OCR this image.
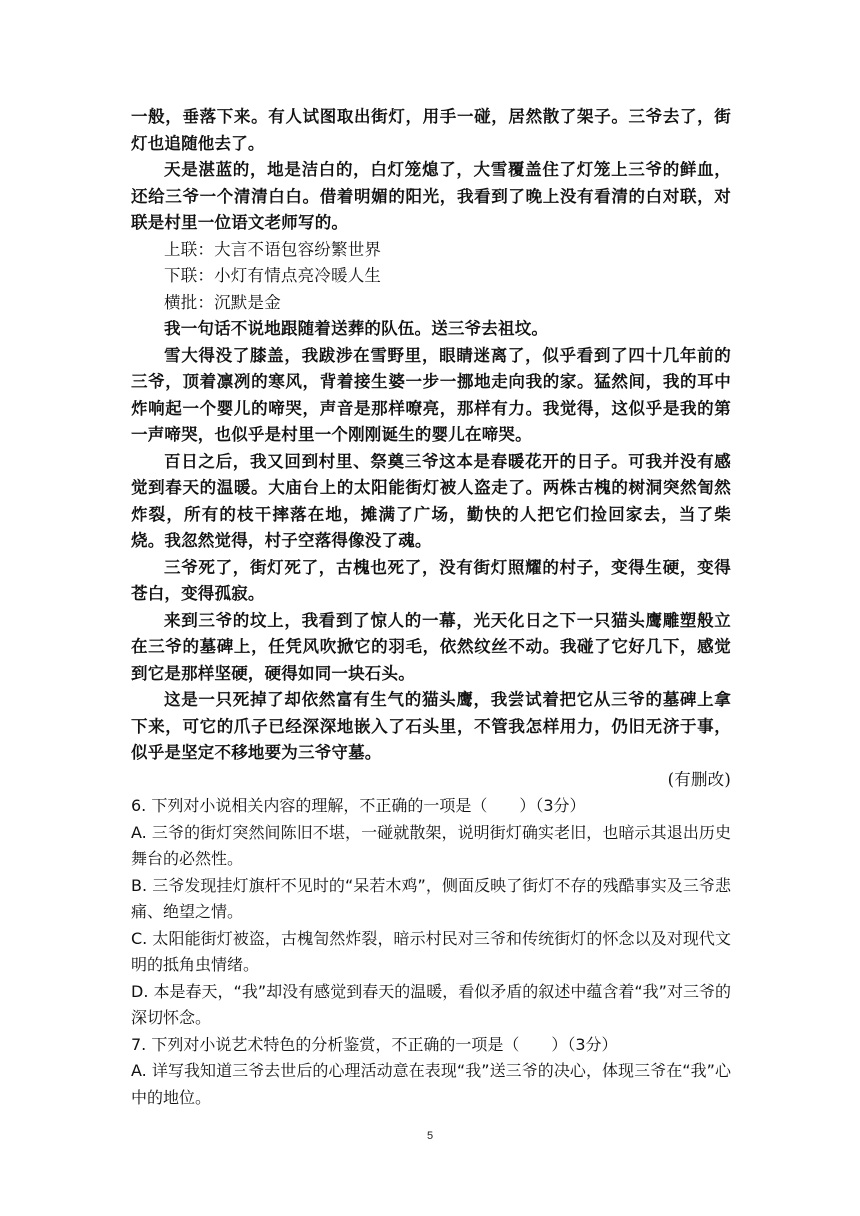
一般，垂落下来。有人试图取出街灯，用手一碰，居然散了架子。三爷去了，街灯也追随他去了。

天是湛蓝的，地是洁白的，白灯笼熄了，大雪覆盖住了灯笼上三爷的鲜血，还给三爷一个清清白白。借着明媚的阳光，我看到了晚上没有看清的白对联，对联是村里一位语文老师写的。

上联：大言不语包容纷繁世界

下联：小灯有情点亮冷暖人生

横批：沉默是金

我一句话不说地跟随着送葬的队伍。送三爷去祖坟。

雪大得没了膝盖，我跋涉在雪野里，眼睛迷离了，似乎看到了四十几年前的三爷，顶着凛冽的寒风，背着接生婆一步一挪地走向我的家。猛然间，我的耳中炸响起一个婴儿的啼哭，声音是那样嘹亮，那样有力。我觉得，这似乎是我的第一声啼哭，也似乎是村里一个刚刚诞生的婴儿在啼哭。

百日之后，我又回到村里、祭奠三爷这本是春暖花开的日子。可我并没有感觉到春天的温暖。大庙台上的太阳能街灯被人盗走了。两株古槐的树洞突然訇然炸裂，所有的枝干摔落在地，摊满了广场，勤快的人把它们捡回家去，当了柴烧。我忽然觉得，村子空落得像没了魂。

三爷死了，街灯死了，古槐也死了，没有街灯照耀的村子，变得生硬，变得苍白，变得孤寂。

来到三爷的坟上，我看到了惊人的一幕，光天化日之下一只猫头鹰雕塑般立在三爷的墓碑上，任凭风吹掀它的羽毛，依然纹丝不动。我碰了它好几下，感觉到它是那样坚硬，硬得如同一块石头。

这是一只死掉了却依然富有生气的猫头鹰，我尝试着把它从三爷的墓碑上拿下来，可它的爪子已经深深地嵌入了石头里，不管我怎样用力，仍旧无济于事，似乎是坚定不移地要为三爷守墓。

(有删改)

6. 下列对小说相关内容的理解，不正确的一项是（　　）（3分）

A. 三爷的街灯突然间陈旧不堪，一碰就散架，说明街灯确实老旧，也暗示其退出历史舞台的必然性。

B. 三爷发现挂灯旗杆不见时的“呆若木鸡”，侧面反映了街灯不存的残酷事实及三爷悲痛、绝望之情。

C. 太阳能街灯被盗，古槐訇然炸裂，暗示村民对三爷和传统街灯的怀念以及对现代文明的抵角虫情绪。

D. 本是春天，“我”却没有感觉到春天的温暖，看似矛盾的叙述中蕴含着“我”对三爷的深切怀念。

7. 下列对小说艺术特色的分析鉴赏，不正确的一项是（　　）（3分）

A. 详写我知道三爷去世后的心理活动意在表现“我”送三爷的决心，体现三爷在“我”心中的地位。

5
